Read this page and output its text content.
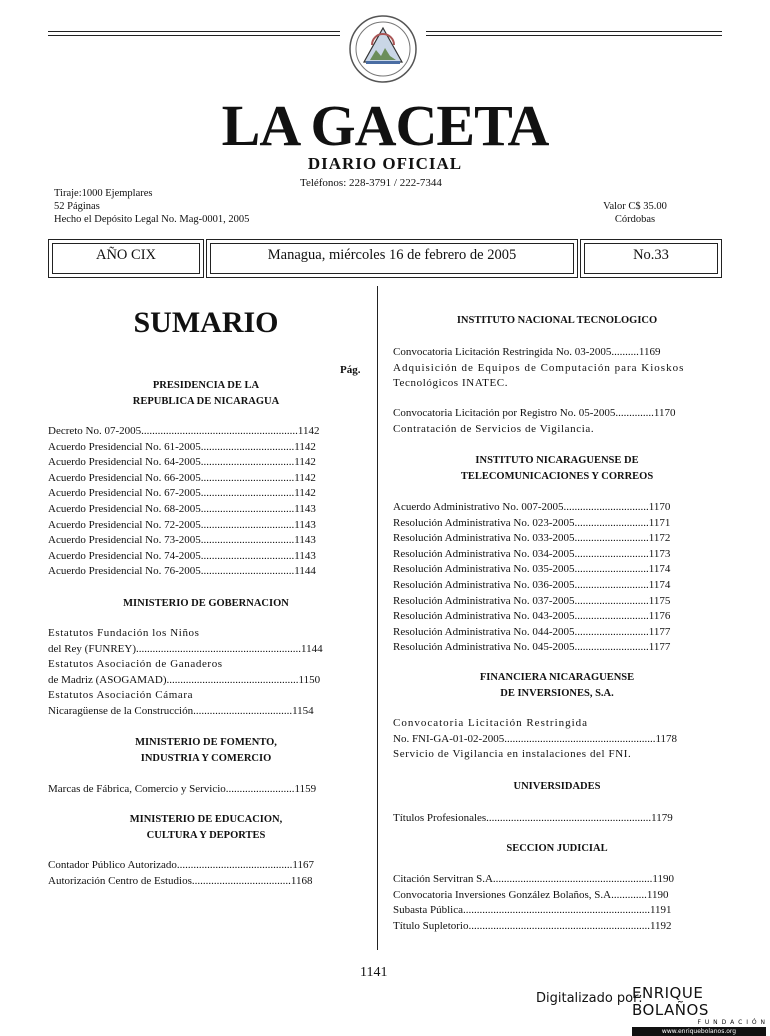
LA GACETA
DIARIO OFICIAL
Teléfonos: 228-3791 / 222-7344
Tiraje:1000 Ejemplares
52 Páginas
Hecho el Depósito Legal No. Mag-0001, 2005
Valor C$ 35.00
Córdobas
AÑO CIX	Managua, miércoles 16 de febrero de 2005	No.33
SUMARIO
Pág.
PRESIDENCIA DE LA
REPUBLICA DE NICARAGUA
Decreto No. 07-2005.........................................................1142
Acuerdo Presidencial No. 61-2005..................................1142
Acuerdo Presidencial No. 64-2005..................................1142
Acuerdo Presidencial No. 66-2005..................................1142
Acuerdo Presidencial No. 67-2005..................................1142
Acuerdo Presidencial No. 68-2005..................................1143
Acuerdo Presidencial No. 72-2005..................................1143
Acuerdo Presidencial No. 73-2005..................................1143
Acuerdo Presidencial No. 74-2005..................................1143
Acuerdo Presidencial No. 76-2005..................................1144
MINISTERIO DE GOBERNACION
Estatutos Fundación los Niños
del Rey (FUNREY)............................................................1144
Estatutos Asociación de Ganaderos
de Madriz (ASOGAMAD)................................................1150
Estatutos Asociación Cámara
Nicaragüense de la Construcción....................................1154
MINISTERIO DE FOMENTO,
INDUSTRIA Y COMERCIO
Marcas de Fábrica, Comercio y Servicio.........................1159
MINISTERIO DE EDUCACION,
CULTURA Y DEPORTES
Contador Público Autorizado..........................................1167
Autorización Centro de Estudios....................................1168
INSTITUTO NACIONAL TECNOLOGICO
Convocatoria Licitación Restringida No. 03-2005..........1169
Adquisición de Equipos de Computación para Kioskos
Tecnológicos INATEC.
Convocatoria Licitación por Registro No. 05-2005..............1170
Contratación de Servicios de Vigilancia.
INSTITUTO NICARAGUENSE DE
TELECOMUNICACIONES Y CORREOS
Acuerdo Administrativo No. 007-2005...............................1170
Resolución Administrativa No. 023-2005...........................1171
Resolución Administrativa No. 033-2005...........................1172
Resolución Administrativa No. 034-2005...........................1173
Resolución Administrativa No. 035-2005...........................1174
Resolución Administrativa No. 036-2005...........................1174
Resolución Administrativa No. 037-2005...........................1175
Resolución Administrativa No. 043-2005...........................1176
Resolución Administrativa No. 044-2005...........................1177
Resolución Administrativa No. 045-2005...........................1177
FINANCIERA NICARAGUENSE
DE INVERSIONES, S.A.
Convocatoria Licitación Restringida
No. FNI-GA-01-02-2005.......................................................1178
Servicio de Vigilancia en instalaciones del FNI.
UNIVERSIDADES
Títulos Profesionales............................................................1179
SECCION JUDICIAL
Citación Servitran S.A..........................................................1190
Convocatoria Inversiones González Bolaños, S.A.............1190
Subasta Pública....................................................................1191
Título Supletorio..................................................................1192
1141
Digitalizado por:
ENRIQUE BOLAÑOS
F U N D A C I Ó N
www.enriquebolanos.org
